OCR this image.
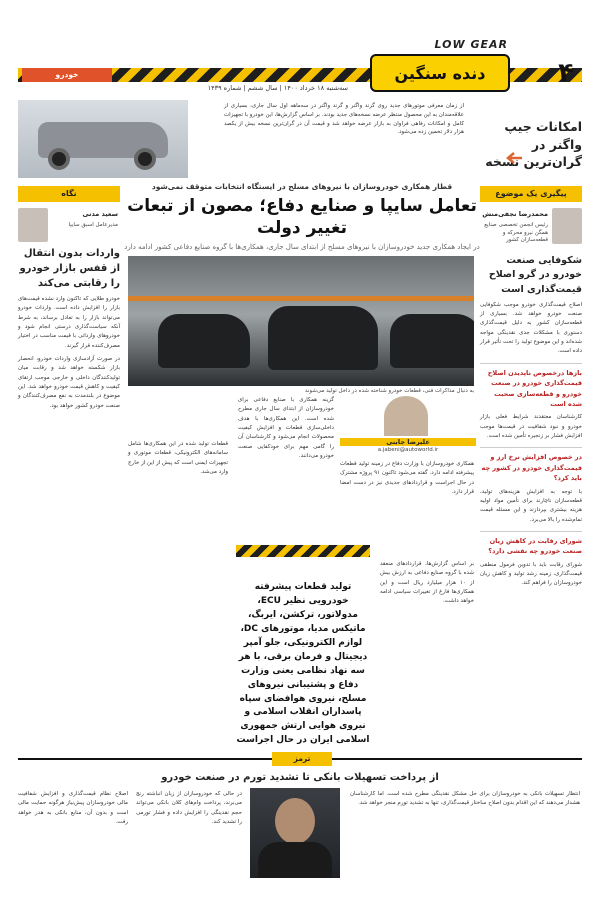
LOW GEAR
دنده سنگین	۴
خودرو
سه‌شنبه ۱۸ خرداد ۱۴۰۰ | سال ششم | شماره ۱۴۳۹
امکانات جیپ واگنر در گران‌ترین نسخه
از زمان معرفی موتورهای جدید روی گرند واگنر و گرند واگنر در سه‌ماهه اول سال جاری، بسیاری از علاقه‌مندان به این محصول منتظر عرضه نسخه‌های جدید بودند. بر اساس گزارش‌ها، این خودرو با تجهیزات کامل و امکانات رفاهی فراوان به بازار عرضه خواهد شد و قیمت آن در گران‌ترین نسخه بیش از یکصد هزار دلار تخمین زده می‌شود.
قطار همکاری خودروسازان با نیروهای مسلح در ایستگاه انتخابات متوقف نمی‌شود
تعامل سایپا و صنایع دفاع؛ مصون از تبعات تغییر دولت
در ایجاد همکاری جدید خودروسازان با نیروهای مسلح از ابتدای سال جاری، همکاری‌ها با گروه صنایع دفاعی کشور ادامه دارد
پیگیری یک موضوع
محمدرضا نجفی‌منش
رئیس انجمن تخصصی صنایع همگن نیرو محرکه و قطعه‌سازان کشور
شکوفایی صنعت خودرو در گرو اصلاح قیمت‌گذاری است
اصلاح قیمت‌گذاری خودرو موجب شکوفایی صنعت خودرو خواهد شد. بسیاری از قطعه‌سازان کشور به دلیل قیمت‌گذاری دستوری با مشکلات جدی نقدینگی مواجه شده‌اند و این موضوع تولید را تحت تأثیر قرار داده است.
بازها درخصوص ناپدیدن اصلاح قیمت‌گذاری خودرو در صنعت خودرو و قطعه‌سازی صحبت شده است
کارشناسان معتقدند شرایط فعلی بازار خودرو و نبود شفافیت در قیمت‌ها موجب افزایش فشار بر زنجیره تأمین شده است.
در خصوص افزایش نرخ ارز و قیمت‌گذاری خودرو در کشور چه باید کرد؟
با توجه به افزایش هزینه‌های تولید، قطعه‌سازان ناچارند برای تأمین مواد اولیه هزینه بیشتری بپردازند و این مسئله قیمت تمام‌شده را بالا می‌برد.
شورای رقابت در کاهش زیان صنعت خودرو چه نقشی دارد؟
شورای رقابت باید با تدوین فرمول منطقی قیمت‌گذاری، زمینه رشد تولید و کاهش زیان خودروسازان را فراهم کند.
نگاه
سعید مدنی
مدیرعامل اسبق سایپا
واردات بدون انتقال از قفس بازار خودرو را رقابتی می‌کند
خودرو طلایی که تاکنون وارد نشده قیمت‌های بازار را افزایش داده است. واردات خودرو می‌تواند بازار را به تعادل برساند، به شرط آنکه سیاست‌گذاری درستی انجام شود و خودروهای وارداتی با قیمت مناسب در اختیار مصرف‌کننده قرار گیرند.
در صورت آزادسازی واردات خودرو، انحصار بازار شکسته خواهد شد و رقابت میان تولیدکنندگان داخلی و خارجی موجب ارتقای کیفیت و کاهش قیمت خودرو خواهد شد. این موضوع در بلندمدت به نفع مصرف‌کنندگان و صنعت خودرو کشور خواهد بود.
به دنبال مذاکرات فنی، قطعات خودرو شناخته شده در داخل تولید می‌شوند
علیرضا جابنی
a.jabeni@autoworld.ir
گزینه همکاری با صنایع دفاعی برای خودروسازان از ابتدای سال جاری مطرح شده است. این همکاری‌ها با هدف داخلی‌سازی قطعات و افزایش کیفیت محصولات انجام می‌شود و کارشناسان آن را گامی مهم برای خودکفایی صنعت خودرو می‌دانند.
همکاری خودروسازان با وزارت دفاع در زمینه تولید قطعات پیشرفته ادامه دارد. گفته می‌شود تاکنون ۹۱ پروژه مشترک در حال اجراست و قراردادهای جدیدی نیز در دست امضا قرار دارد.
قطعات تولید شده در این همکاری‌ها شامل سامانه‌های الکترونیکی، قطعات موتوری و تجهیزات ایمنی است که پیش از این از خارج وارد می‌شد.
بر اساس گزارش‌ها، قراردادهای منعقد شده با گروه صنایع دفاعی به ارزش بیش از ۱۰ هزار میلیارد ریال است و این همکاری‌ها فارغ از تغییرات سیاسی ادامه خواهد داشت.
تولید قطعات پیشرفته خودرویی نظیر ECU، مدولاتور، ترکشن، ایربگ، ماتیکس مدیا، موتورهای DC، لوازم الکترونیکی، جلو آمپر دیجیتال و فرمان برقی، با هر سه نهاد نظامی یعنی وزارت دفاع و پشتیبانی نیروهای مسلح، نیروی هوافضای سپاه پاسداران انقلاب اسلامی و نیروی هوایی ارتش جمهوری اسلامی ایران در حال اجراست
ترمز
از پرداخت تسهیلات بانکی تا تشدید تورم در صنعت خودرو
انتظار تسهیلات بانکی به خودروسازان برای حل مشکل نقدینگی مطرح شده است. اما کارشناسان هشدار می‌دهند که این اقدام بدون اصلاح ساختار قیمت‌گذاری، تنها به تشدید تورم منجر خواهد شد.
در حالی که خودروسازان از زیان انباشته رنج می‌برند، پرداخت وام‌های کلان بانکی می‌تواند حجم نقدینگی را افزایش داده و فشار تورمی را تشدید کند.
اصلاح نظام قیمت‌گذاری و افزایش شفافیت مالی خودروسازان پیش‌نیاز هرگونه حمایت مالی است و بدون آن، منابع بانکی به هدر خواهد رفت.
